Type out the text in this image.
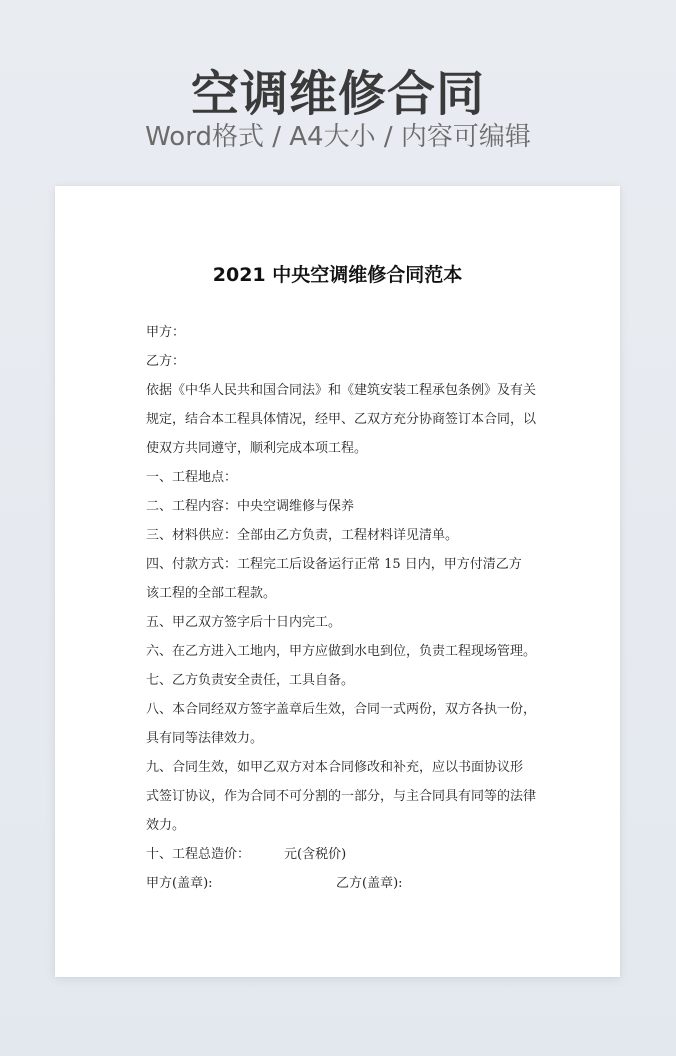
空调维修合同
Word格式 / A4大小 / 内容可编辑
2021 中央空调维修合同范本
甲方：
乙方：
依据《中华人民共和国合同法》和《建筑安装工程承包条例》及有关
规定，结合本工程具体情况，经甲、乙双方充分协商签订本合同，以
使双方共同遵守，顺利完成本项工程。
一、工程地点：
二、工程内容：中央空调维修与保养
三、材料供应：全部由乙方负责，工程材料详见清单。
四、付款方式：工程完工后设备运行正常 15 日内，甲方付清乙方
该工程的全部工程款。
五、甲乙双方签字后十日内完工。
六、在乙方进入工地内，甲方应做到水电到位，负责工程现场管理。
七、乙方负责安全责任，工具自备。
八、本合同经双方签字盖章后生效，合同一式两份，双方各执一份，
具有同等法律效力。
九、合同生效，如甲乙双方对本合同修改和补充，应以书面协议形
式签订协议，作为合同不可分割的一部分，与主合同具有同等的法律
效力。
十、工程总造价：	元(含税价)
甲方(盖章):	乙方(盖章):
